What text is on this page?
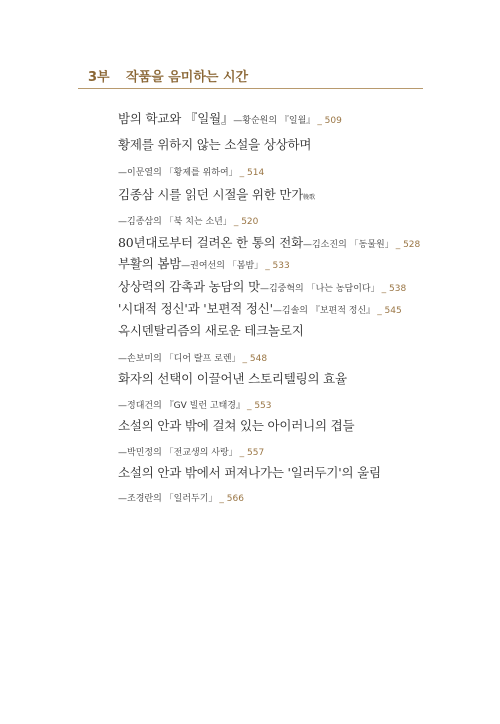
3부 작품을 음미하는 시간
밤의 학교와 『일월』—황순원의 『일월』 _ 509
황제를 위하지 않는 소설을 상상하며
—이문열의 「황제를 위하여」 _ 514
김종삼 시를 읽던 시절을 위한 만가輓歌
—김종삼의 「북 치는 소년」 _ 520
80년대로부터 걸려온 한 통의 전화—김소진의 「동물원」 _ 528
부활의 봄밤—권여선의 「봄밤」 _ 533
상상력의 감촉과 농담의 맛—김중혁의 「나는 농담이다」 _ 538
'시대적 정신'과 '보편적 정신'—김솔의 『보편적 정신』 _ 545
옥시덴탈리즘의 새로운 테크놀로지
—손보미의 「디어 랄프 로렌」 _ 548
화자의 선택이 이끌어낸 스토리텔링의 효율
—정대건의 『GV 빌런 고태경』 _ 553
소설의 안과 밖에 걸쳐 있는 아이러니의 겹들
—박민정의 「전교생의 사랑」 _ 557
소설의 안과 밖에서 퍼져나가는 '일러두기'의 울림
—조경란의 「일러두기」 _ 566
